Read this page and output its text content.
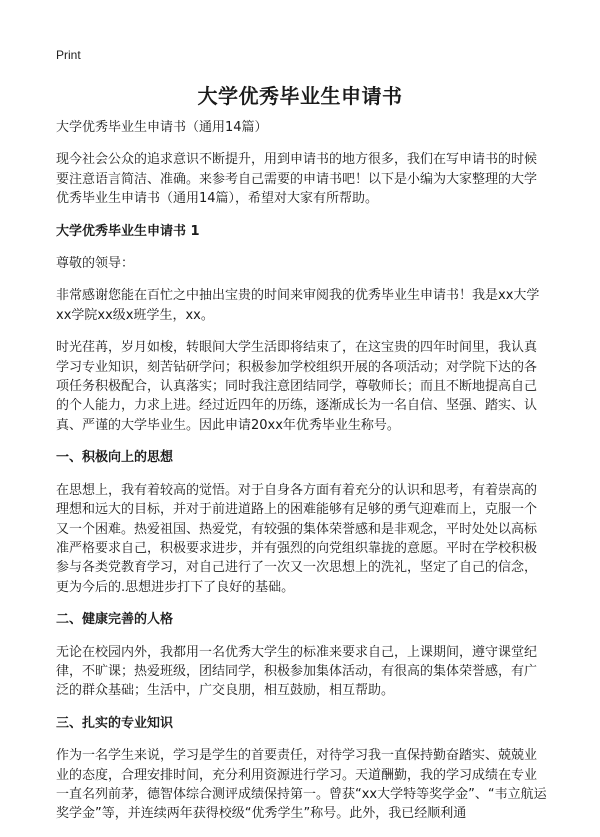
Print
大学优秀毕业生申请书

大学优秀毕业生申请书（通用14篇）

现今社会公众的追求意识不断提升，用到申请书的地方很多，我们在写申请书的时候要注意语言简洁、准确。来参考自己需要的申请书吧！以下是小编为大家整理的大学优秀毕业生申请书（通用14篇），希望对大家有所帮助。

大学优秀毕业生申请书 1

尊敬的领导：

非常感谢您能在百忙之中抽出宝贵的时间来审阅我的优秀毕业生申请书！我是xx大学xx学院xx级x班学生，xx。

时光荏苒，岁月如梭，转眼间大学生活即将结束了，在这宝贵的四年时间里，我认真学习专业知识，刻苦钻研学问；积极参加学校组织开展的各项活动；对学院下达的各项任务积极配合，认真落实；同时我注意团结同学，尊敬师长；而且不断地提高自己的个人能力，力求上进。经过近四年的历练，逐渐成长为一名自信、坚强、踏实、认真、严谨的大学毕业生。因此申请20xx年优秀毕业生称号。

一、积极向上的思想

在思想上，我有着较高的觉悟。对于自身各方面有着充分的认识和思考，有着崇高的理想和远大的目标，并对于前进道路上的困难能够有足够的勇气迎难而上，克服一个又一个困难。热爱祖国、热爱党，有较强的集体荣誉感和是非观念，平时处处以高标准严格要求自己，积极要求进步，并有强烈的向党组织靠拢的意愿。平时在学校积极参与各类党教育学习，对自己进行了一次又一次思想上的洗礼，坚定了自己的信念，更为今后的.思想进步打下了良好的基础。

二、健康完善的人格

无论在校园内外，我都用一名优秀大学生的标准来要求自己，上课期间，遵守课堂纪律，不旷课；热爱班级，团结同学，积极参加集体活动，有很高的集体荣誉感，有广泛的群众基础；生活中，广交良朋，相互鼓励，相互帮助。

三、扎实的专业知识

作为一名学生来说，学习是学生的首要责任，对待学习我一直保持勤奋踏实、兢兢业业的态度，合理安排时间，充分利用资源进行学习。天道酬勤，我的学习成绩在专业一直名列前茅，德智体综合测评成绩保持第一。曾获“xx大学特等奖学金”、“韦立航运奖学金”等，并连续两年获得校级“优秀学生”称号。此外，我已经顺利通
